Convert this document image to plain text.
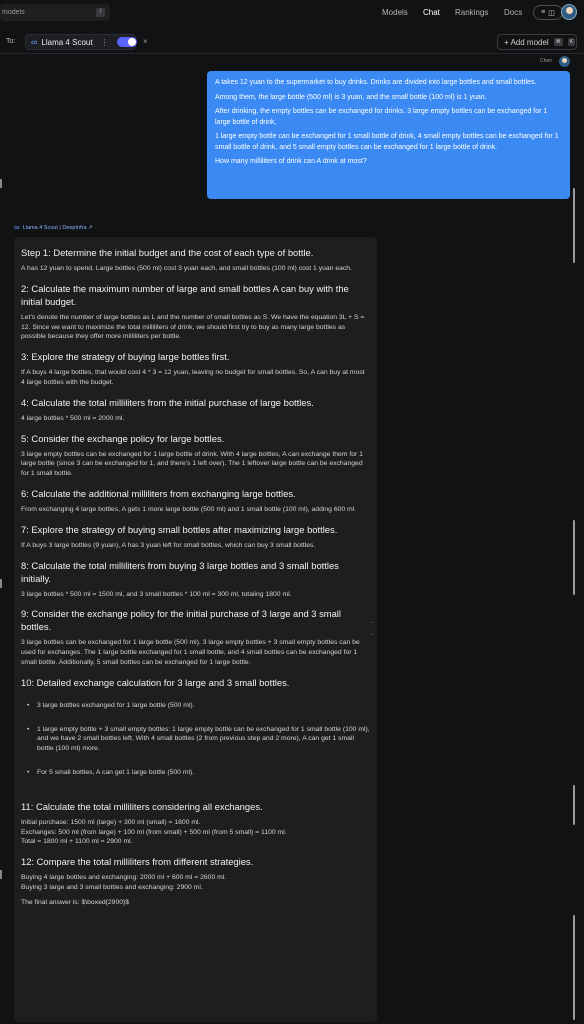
models
/	Models Chat Rankings Docs	≡ ◫
To: ∞ Llama 4 Scout ⋮	×	+ Add model	⌘	K
Chen

A takes 12 yuan to the supermarket to buy drinks. Drinks are divided into large bottles and small bottles.

Among them, the large bottle (500 ml) is 3 yuan, and the small bottle (100 ml) is 1 yuan.

After drinking, the empty bottles can be exchanged for drinks. 3 large empty bottles can be exchanged for 1 large bottle of drink,

1 large empty bottle can be exchanged for 1 small bottle of drink, 4 small empty bottles can be exchanged for 1 small bottle of drink, and 5 small empty bottles can be exchanged for 1 large bottle of drink.

How many milliliters of drink can A drink at most?

∞ Llama 4 Scout | DeepInfra ↗
Step 1: Determine the initial budget and the cost of each type of bottle.

A has 12 yuan to spend. Large bottles (500 ml) cost 3 yuan each, and small bottles (100 ml) cost 1 yuan each.

2: Calculate the maximum number of large and small bottles A can buy with the initial budget.

Let's denote the number of large bottles as L and the number of small bottles as S. We have the equation 3L + S = 12. Since we want to maximize the total milliliters of drink, we should first try to buy as many large bottles as possible because they offer more milliliters per bottle.

3: Explore the strategy of buying large bottles first.

If A buys 4 large bottles, that would cost 4 * 3 = 12 yuan, leaving no budget for small bottles. So, A can buy at most 4 large bottles with the budget.

4: Calculate the total milliliters from the initial purchase of large bottles.

4 large bottles * 500 ml = 2000 ml.

5: Consider the exchange policy for large bottles.

3 large empty bottles can be exchanged for 1 large bottle of drink. With 4 large bottles, A can exchange them for 1 large bottle (since 3 can be exchanged for 1, and there's 1 left over). The 1 leftover large bottle can be exchanged for 1 small bottle.

6: Calculate the additional milliliters from exchanging large bottles.

From exchanging 4 large bottles, A gets 1 more large bottle (500 ml) and 1 small bottle (100 ml), adding 600 ml.

7: Explore the strategy of buying small bottles after maximizing large bottles.

If A buys 3 large bottles (9 yuan), A has 3 yuan left for small bottles, which can buy 3 small bottles.

8: Calculate the total milliliters from buying 3 large bottles and 3 small bottles initially.

3 large bottles * 500 ml = 1500 ml, and 3 small bottles * 100 ml = 300 ml, totaling 1800 ml.

9: Consider the exchange policy for the initial purchase of 3 large and 3 small bottles.

3 large bottles can be exchanged for 1 large bottle (500 ml). 3 large empty bottles + 3 small empty bottles can be used for exchanges. The 1 large bottle exchanged for 1 small bottle, and 4 small bottles can be exchanged for 1 small bottle. Additionally, 5 small bottles can be exchanged for 1 large bottle.

10: Detailed exchange calculation for 3 large and 3 small bottles.
• 3 large bottles exchanged for 1 large bottle (500 ml).
• 1 large empty bottle + 3 small empty bottles: 1 large empty bottle can be exchanged for 1 small bottle (100 ml), and we have 2 small bottles left. With 4 small bottles (2 from previous step and 2 more), A can get 1 small bottle (100 ml) more.
• For 5 small bottles, A can get 1 large bottle (500 ml).
11: Calculate the total milliliters considering all exchanges.

Initial purchase: 1500 ml (large) + 300 ml (small) = 1800 ml.
Exchanges: 500 ml (from large) + 100 ml (from small) + 500 ml (from 5 small) = 1100 ml.
Total = 1800 ml + 1100 ml = 2900 ml.

12: Compare the total milliliters from different strategies.

Buying 4 large bottles and exchanging: 2000 ml + 600 ml = 2600 ml.
Buying 3 large and 3 small bottles and exchanging: 2900 ml.

The final answer is: $\boxed{2900}$

⌃
⌄
